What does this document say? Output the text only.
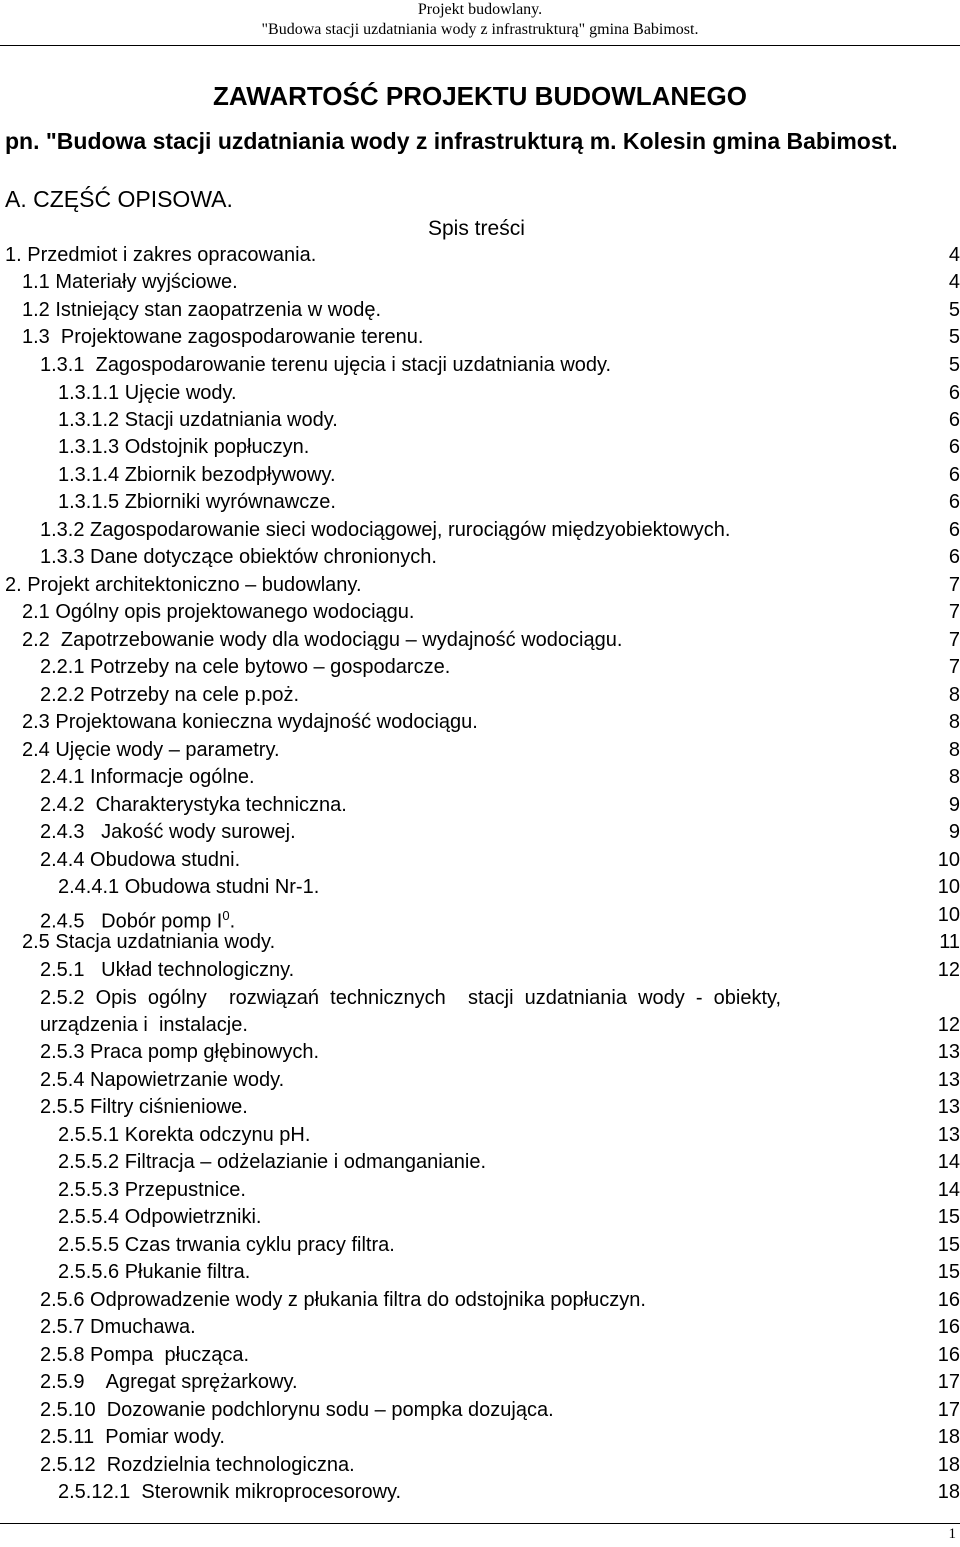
Projekt budowlany.
"Budowa stacji uzdatniania wody z infrastrukturą" gmina Babimost.
ZAWARTOŚĆ PROJEKTU BUDOWLANEGO
pn. "Budowa stacji uzdatniania wody z infrastrukturą m. Kolesin gmina Babimost.
A. CZĘŚĆ OPISOWA.
Spis treści
1. Przedmiot i zakres opracowania.	4
1.1 Materiały wyjściowe.	4
1.2 Istniejący stan zaopatrzenia w wodę.	5
1.3  Projektowane zagospodarowanie terenu.	5
1.3.1  Zagospodarowanie terenu ujęcia i stacji uzdatniania wody.	5
1.3.1.1 Ujęcie wody.	6
1.3.1.2 Stacji uzdatniania wody.	6
1.3.1.3 Odstojnik popłuczyn.	6
1.3.1.4 Zbiornik bezodpływowy.	6
1.3.1.5 Zbiorniki wyrównawcze.	6
1.3.2 Zagospodarowanie sieci wodociągowej, rurociągów międzyobiektowych.	6
1.3.3 Dane dotyczące obiektów chronionych.	6
2. Projekt architektoniczno – budowlany.	7
2.1 Ogólny opis projektowanego wodociągu.	7
2.2  Zapotrzebowanie wody dla wodociągu – wydajność wodociągu.	7
2.2.1 Potrzeby na cele bytowo – gospodarcze.	7
2.2.2 Potrzeby na cele p.poż.	8
2.3 Projektowana konieczna wydajność wodociągu.	8
2.4 Ujęcie wody – parametry.	8
2.4.1 Informacje ogólne.	8
2.4.2  Charakterystyka techniczna.	9
2.4.3   Jakość wody surowej.	9
2.4.4 Obudowa studni.	10
2.4.4.1 Obudowa studni Nr-1.	10
2.4.5   Dobór pomp $I^0$.	10
2.5 Stacja uzdatniania wody.	11
2.5.1   Układ technologiczny.	12
2.5.2  Opis  ogólny    rozwiązań  technicznych    stacji  uzdatniania  wody  -  obiekty,
urządzenia i  instalacje.	12
2.5.3 Praca pomp głębinowych.	13
2.5.4 Napowietrzanie wody.	13
2.5.5 Filtry ciśnieniowe.	13
2.5.5.1 Korekta odczynu pH.	13
2.5.5.2 Filtracja – odżelazianie i odmanganianie.	14
2.5.5.3 Przepustnice.	14
2.5.5.4 Odpowietrzniki.	15
2.5.5.5 Czas trwania cyklu pracy filtra.	15
2.5.5.6 Płukanie filtra.	15
2.5.6 Odprowadzenie wody z płukania filtra do odstojnika popłuczyn.	16
2.5.7 Dmuchawa.	16
2.5.8 Pompa  płucząca.	16
2.5.9    Agregat sprężarkowy.	17
2.5.10  Dozowanie podchlorynu sodu – pompka dozująca.	17
2.5.11  Pomiar wody.	18
2.5.12  Rozdzielnia technologiczna.	18
2.5.12.1  Sterownik mikroprocesorowy.	18
1
